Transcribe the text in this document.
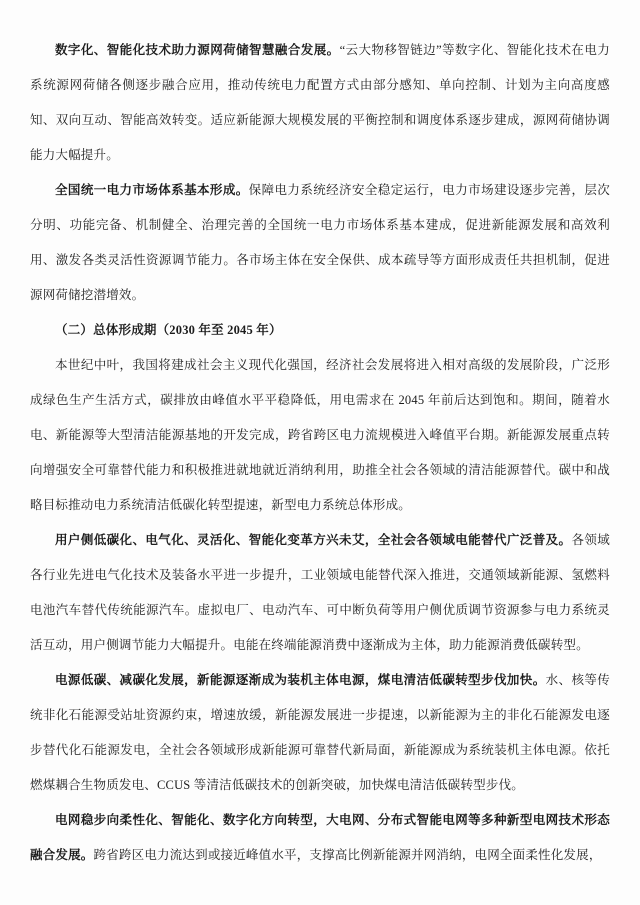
数字化、智能化技术助力源网荷储智慧融合发展。“云大物移智链边”等数字化、智能化技术在电力系统源网荷储各侧逐步融合应用，推动传统电力配置方式由部分感知、单向控制、计划为主向高度感知、双向互动、智能高效转变。适应新能源大规模发展的平衡控制和调度体系逐步建成，源网荷储协调能力大幅提升。

全国统一电力市场体系基本形成。保障电力系统经济安全稳定运行，电力市场建设逐步完善，层次分明、功能完备、机制健全、治理完善的全国统一电力市场体系基本建成，促进新能源发展和高效利用、激发各类灵活性资源调节能力。各市场主体在安全保供、成本疏导等方面形成责任共担机制，促进源网荷储挖潜增效。

（二）总体形成期（2030 年至 2045 年）

本世纪中叶，我国将建成社会主义现代化强国，经济社会发展将进入相对高级的发展阶段，广泛形成绿色生产生活方式，碳排放由峰值水平平稳降低，用电需求在 2045 年前后达到饱和。期间，随着水电、新能源等大型清洁能源基地的开发完成，跨省跨区电力流规模进入峰值平台期。新能源发展重点转向增强安全可靠替代能力和积极推进就地就近消纳利用，助推全社会各领域的清洁能源替代。碳中和战略目标推动电力系统清洁低碳化转型提速，新型电力系统总体形成。

用户侧低碳化、电气化、灵活化、智能化变革方兴未艾，全社会各领域电能替代广泛普及。各领域各行业先进电气化技术及装备水平进一步提升，工业领域电能替代深入推进，交通领域新能源、氢燃料电池汽车替代传统能源汽车。虚拟电厂、电动汽车、可中断负荷等用户侧优质调节资源参与电力系统灵活互动，用户侧调节能力大幅提升。电能在终端能源消费中逐渐成为主体，助力能源消费低碳转型。

电源低碳、减碳化发展，新能源逐渐成为装机主体电源，煤电清洁低碳转型步伐加快。水、核等传统非化石能源受站址资源约束，增速放缓，新能源发展进一步提速，以新能源为主的非化石能源发电逐步替代化石能源发电，全社会各领域形成新能源可靠替代新局面，新能源成为系统装机主体电源。依托燃煤耦合生物质发电、CCUS 等清洁低碳技术的创新突破，加快煤电清洁低碳转型步伐。

电网稳步向柔性化、智能化、数字化方向转型，大电网、分布式智能电网等多种新型电网技术形态融合发展。跨省跨区电力流达到或接近峰值水平，支撑高比例新能源并网消纳，电网全面柔性化发展，
